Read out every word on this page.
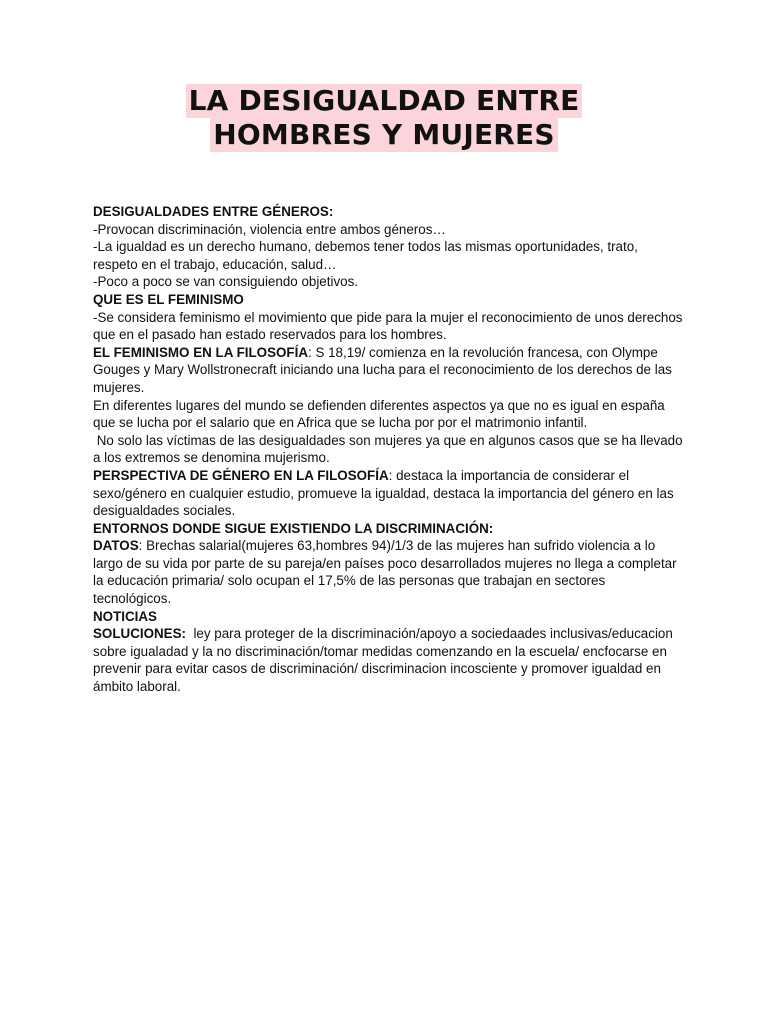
LA DESIGUALDAD ENTRE
HOMBRES Y MUJERES

DESIGUALDADES ENTRE GÉNEROS:

-Provocan discriminación, violencia entre ambos géneros…

-La igualdad es un derecho humano, debemos tener todos las mismas oportunidades, trato, respeto en el trabajo, educación, salud…

-Poco a poco se van consiguiendo objetivos.

QUE ES EL FEMINISMO

-Se considera feminismo el movimiento que pide para la mujer el reconocimiento de unos derechos que en el pasado han estado reservados para los hombres.

EL FEMINISMO EN LA FILOSOFÍA: S 18,19/ comienza en la revolución francesa, con Olympe Gouges y Mary Wollstronecraft iniciando una lucha para el reconocimiento de los derechos de las mujeres.

En diferentes lugares del mundo se defienden diferentes aspectos ya que no es igual en españa que se lucha por el salario que en Africa que se lucha por por el matrimonio infantil.

No solo las víctimas de las desigualdades son mujeres ya que en algunos casos que se ha llevado a los extremos se denomina mujerismo.

PERSPECTIVA DE GÉNERO EN LA FILOSOFÍA: destaca la importancia de considerar el sexo/género en cualquier estudio, promueve la igualdad, destaca la importancia del género en las desigualdades sociales.

ENTORNOS DONDE SIGUE EXISTIENDO LA DISCRIMINACIÓN:

DATOS: Brechas salarial(mujeres 63,hombres 94)/1/3 de las mujeres han sufrido violencia a lo largo de su vida por parte de su pareja/en países poco desarrollados mujeres no llega a completar la educación primaria/ solo ocupan el 17,5% de las personas que trabajan en sectores tecnológicos.

NOTICIAS

SOLUCIONES:  ley para proteger de la discriminación/apoyo a sociedaades inclusivas/educacion sobre igualadad y la no discriminación/tomar medidas comenzando en la escuela/ encfocarse en prevenir para evitar casos de discriminación/ discriminacion incosciente y promover igualdad en ámbito laboral.
